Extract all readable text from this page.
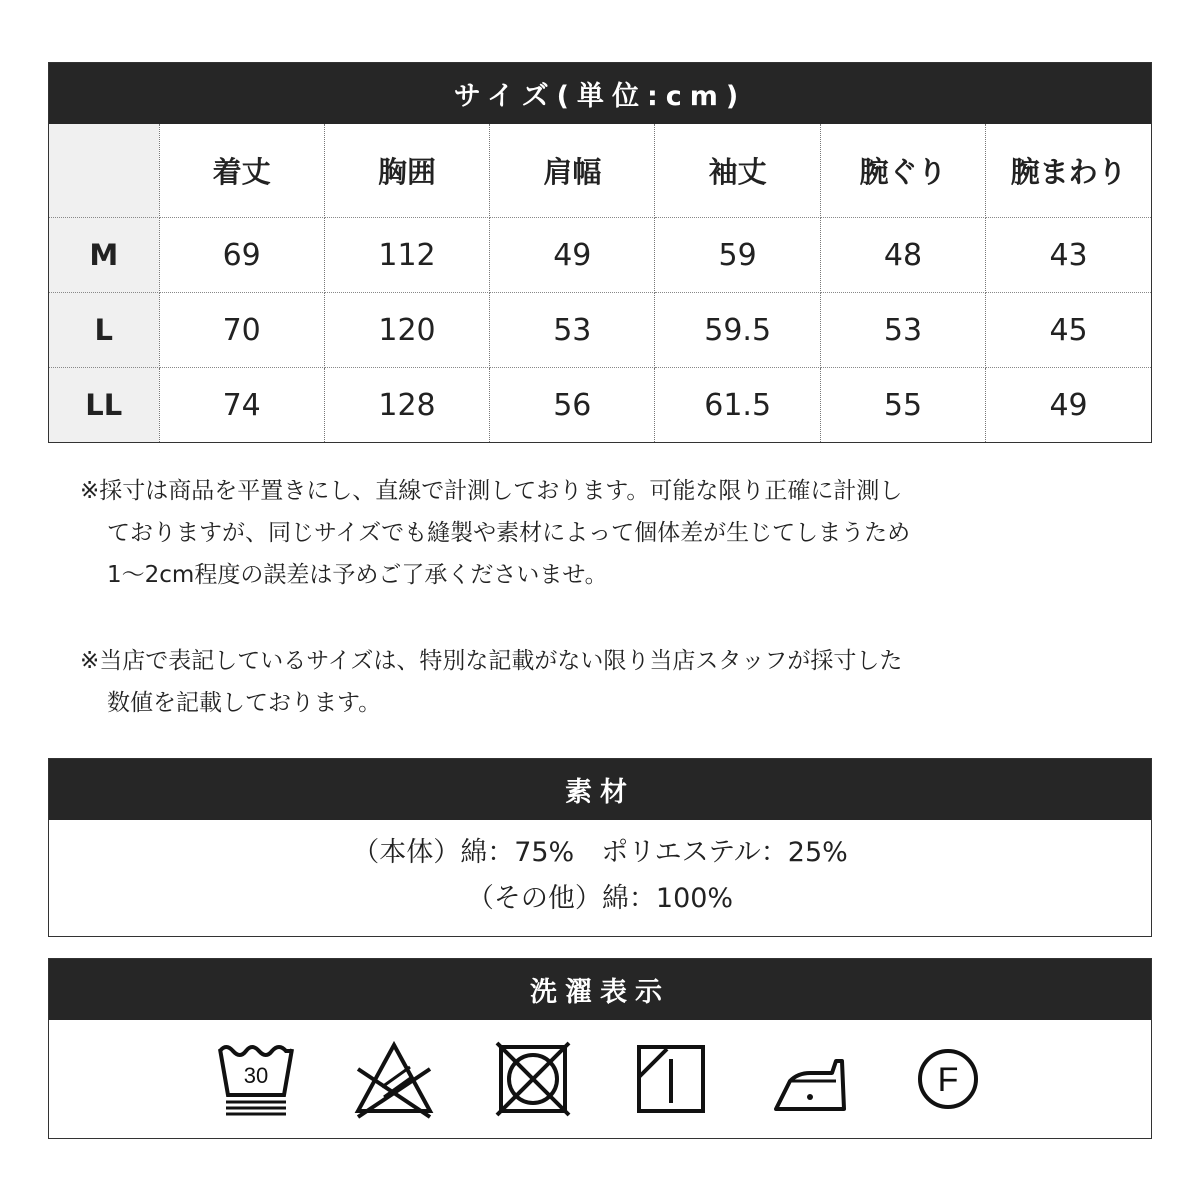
サイズ(単位:cm)
	着丈	胸囲	肩幅	袖丈	腕ぐり	腕まわり
M	69	112	49	59	48	43
L	70	120	53	59.5	53	45
LL	74	128	56	61.5	55	49

※採寸は商品を平置きにし、直線で計測しております。可能な限り正確に計測し

ておりますが、同じサイズでも縫製や素材によって個体差が生じてしまうため

1～2cm程度の誤差は予めご了承くださいませ。

※当店で表記しているサイズは、特別な記載がない限り当店スタッフが採寸した

数値を記載しております。

素材
（本体）綿：75%　ポリエステル：25%
（その他）綿：100%
洗濯表示
30	F
